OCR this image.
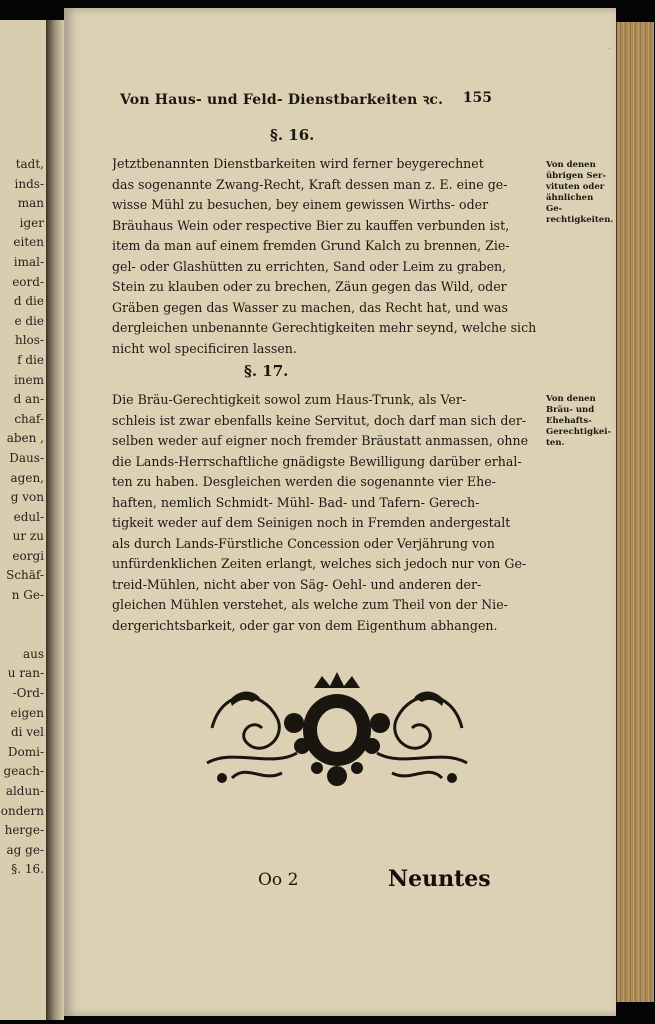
tadt,
inds-
man
iger
eiten
imal-
eord-
d die
e die
hlos-
f die
inem
d an-
chaf-
aben ,
Daus-
agen,
g von
edul-
ur zu
eorgi
Schäf-
n Ge-
aus
u ran-
-Ord-
eigen
di vel
Domi-
geach-
aldun-
ondern
herge-
ag ge-
§. 16.
·
Von Haus- und Feld- Dienstbarkeiten ꝛc. 155
§. 16.
Jetztbenannten Dienstbarkeiten wird ferner beygerechnet
das sogenannte Zwang-Recht, Kraft dessen man z. E. eine ge-
wisse Mühl zu besuchen, bey einem gewissen Wirths- oder
Bräuhaus Wein oder respective Bier zu kauffen verbunden ist,
item da man auf einem fremden Grund Kalch zu brennen, Zie-
gel- oder Glashütten zu errichten, Sand oder Leim zu graben,
Stein zu klauben oder zu brechen, Zäun gegen das Wild, oder
Gräben gegen das Wasser zu machen, das Recht hat, und was
dergleichen unbenannte Gerechtigkeiten mehr seynd, welche sich
nicht wol specificiren lassen.
Von denen
übrigen Ser-
vituten oder
ähnlichen Ge-
rechtigkeiten.
§. 17.
Die Bräu-Gerechtigkeit sowol zum Haus-Trunk, als Ver-
schleis ist zwar ebenfalls keine Servitut, doch darf man sich der-
selben weder auf eigner noch fremder Bräustatt anmassen, ohne
die Lands-Herrschaftliche gnädigste Bewilligung darüber erhal-
ten zu haben. Desgleichen werden die sogenannte vier Ehe-
haften, nemlich Schmidt- Mühl- Bad- und Tafern- Gerech-
tigkeit weder auf dem Seinigen noch in Fremden andergestalt
als durch Lands-Fürstliche Concession oder Verjährung von
unfürdenklichen Zeiten erlangt, welches sich jedoch nur von Ge-
treid-Mühlen, nicht aber von Säg- Oehl- und anderen der-
gleichen Mühlen verstehet, als welche zum Theil von der Nie-
dergerichtsbarkeit, oder gar von dem Eigenthum abhangen.
Von denen
Bräu- und
Ehehafts-
Gerechtigkei-
ten.
Oo 2	Neuntes
